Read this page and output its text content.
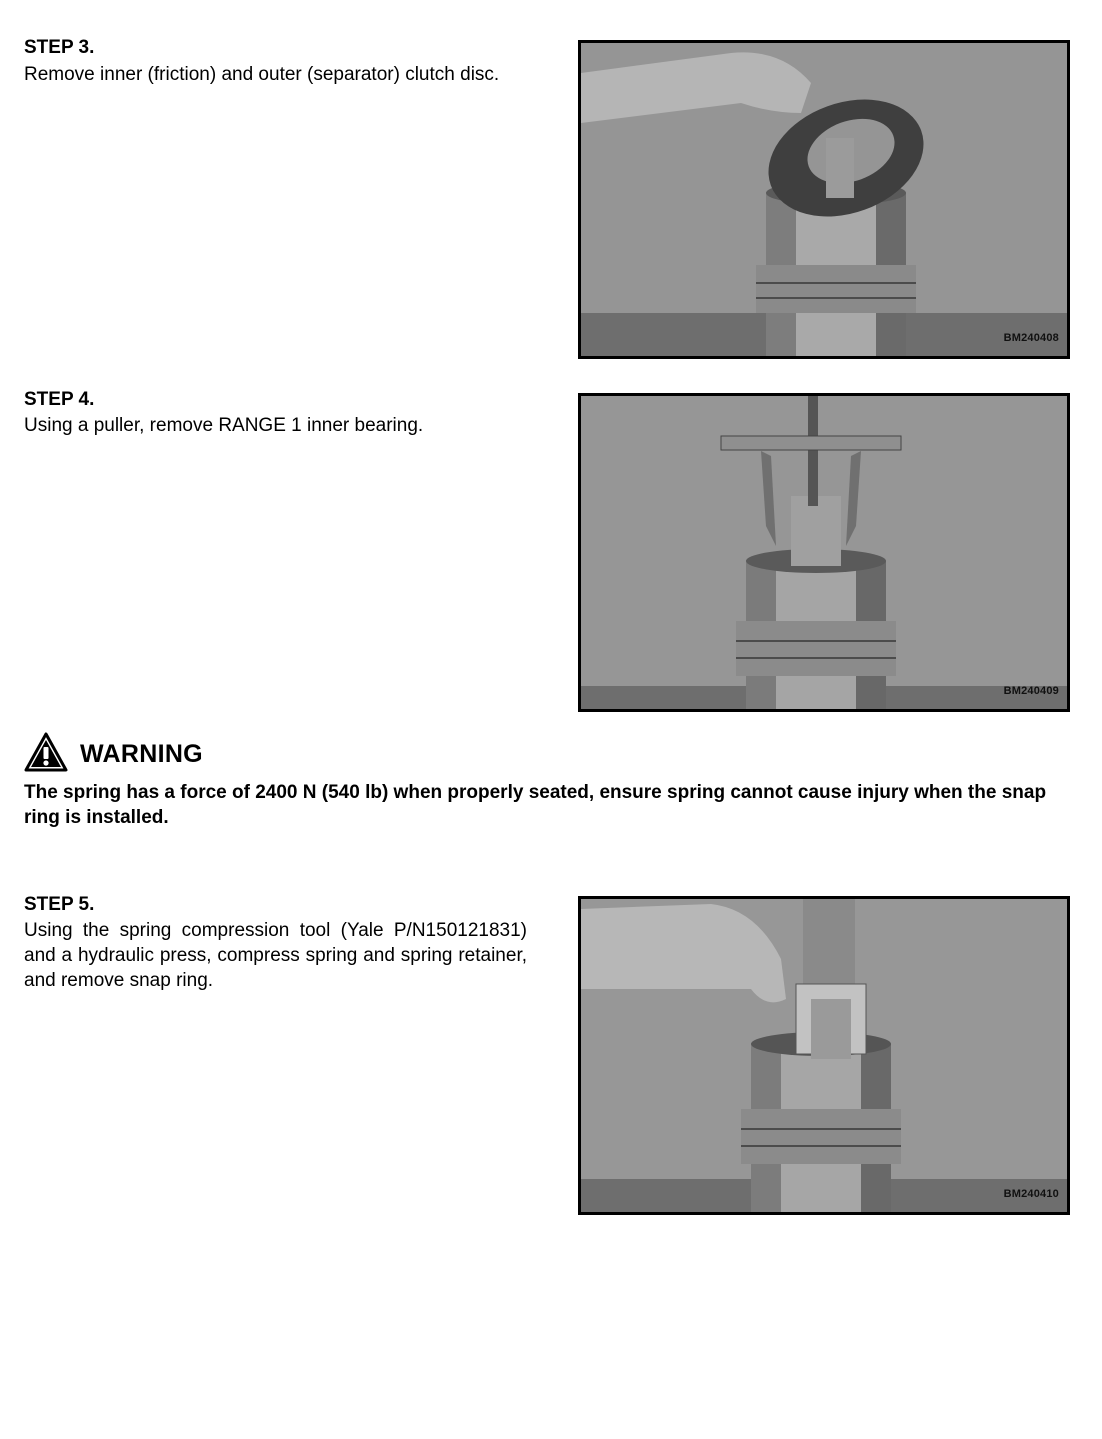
STEP 3.
Remove inner (friction) and outer (separator) clutch disc.
BM240408
STEP 4.
Using a puller, remove RANGE 1 inner bearing.
BM240409
WARNING
The spring has a force of 2400 N (540 lb) when properly seated, ensure spring cannot cause injury when the snap ring is installed.
STEP 5.
Using the spring compression tool (Yale P/N150121831) and a hydraulic press, compress spring and spring retainer, and remove snap ring.
BM240410
